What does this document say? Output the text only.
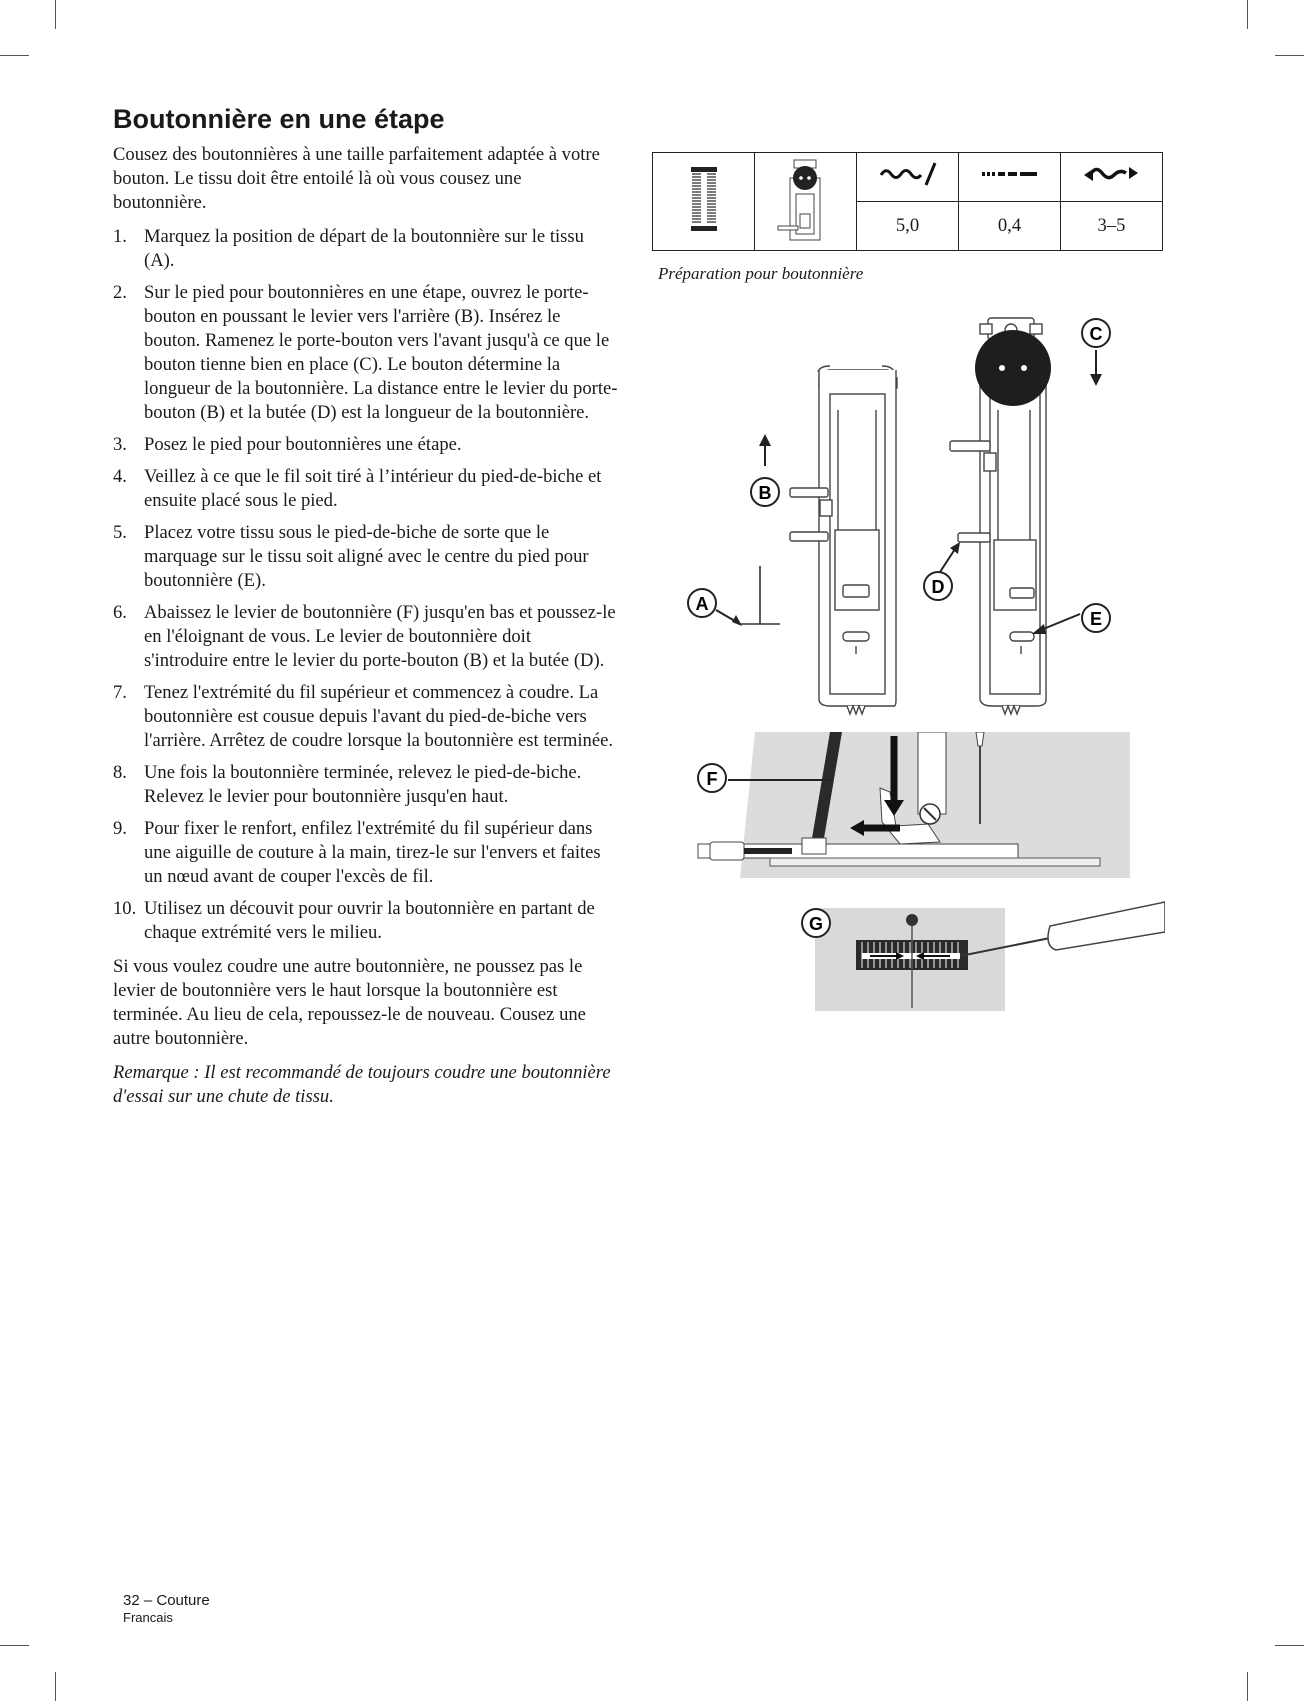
Boutonnière en une étape

Cousez des boutonnières à une taille parfaitement adaptée à votre bouton. Le tissu doit être entoilé là où vous cousez une boutonnière.

1. Marquez la position de départ de la boutonnière sur le tissu (A).
2. Sur le pied pour boutonnières en une étape, ouvrez le porte-bouton en poussant le levier vers l'arrière (B). Insérez le bouton. Ramenez le porte-bouton vers l'avant jusqu'à ce que le bouton tienne bien en place (C). Le bouton détermine la longueur de la boutonnière. La distance entre le levier du porte-bouton (B) et la butée (D) est la longueur de la boutonnière.
3. Posez le pied pour boutonnières une étape.
4. Veillez à ce que le fil soit tiré à l’intérieur du pied-de-biche et ensuite placé sous le pied.
5. Placez votre tissu sous le pied-de-biche de sorte que le marquage sur le tissu soit aligné avec le centre du pied pour boutonnière (E).
6. Abaissez le levier de boutonnière (F) jusqu'en bas et poussez-le en l'éloignant de vous. Le levier de boutonnière doit s'introduire entre le levier du porte-bouton (B) et la butée (D).
7. Tenez l'extrémité du fil supérieur et commencez à coudre. La boutonnière est cousue depuis l'avant du pied-de-biche vers l'arrière. Arrêtez de coudre lorsque la boutonnière est terminée.
8. Une fois la boutonnière terminée, relevez le pied-de-biche. Relevez le levier pour boutonnière jusqu'en haut.
9. Pour fixer le renfort, enfilez l'extrémité du fil supérieur dans une aiguille de couture à la main, tirez-le sur l'envers et faites un nœud avant de couper l'excès de fil.
10. Utilisez un découvit pour ouvrir la boutonnière en partant de chaque extrémité vers le milieu.

Si vous voulez coudre une autre boutonnière, ne poussez pas le levier de boutonnière vers le haut lorsque la boutonnière est terminée. Au lieu de cela, repoussez-le de nouveau. Cousez une autre boutonnière.

Remarque : Il est recommandé de toujours coudre une boutonnière d'essai sur une chute de tissu.

		5,0	0,4	3–5
Préparation pour boutonnière
A
B
C
D
E
F
G
32 – Couture
Francais
